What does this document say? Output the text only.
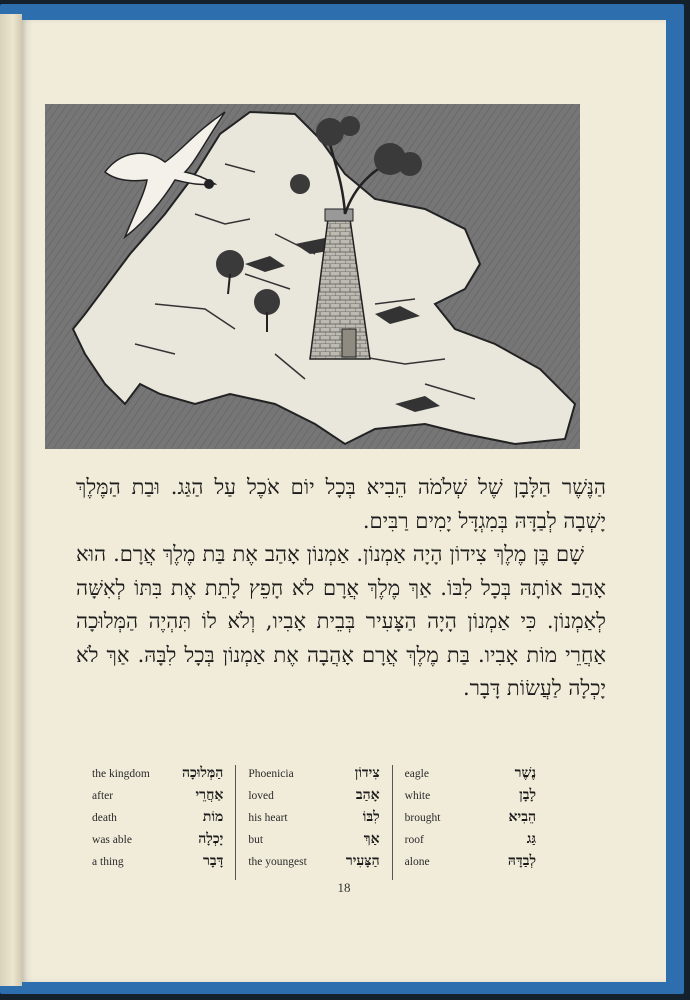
הַנֶּשֶׁר הַלָּבָן שֶׁל שְׁלֹמֹה הֵבִיא בְּכָל יוֹם אֹכֶל עַל הַגַּג. וּבַת הַמֶּלֶךְ יָשְׁבָה לְבַדָּהּ בְּמִגְדָּל יָמִים רַבִּים.

שָׁם בֶּן מֶלֶךְ צִידוֹן הָיָה אַמְנוֹן. אַמְנוֹן אָהַב אֶת בַּת מֶלֶךְ אֲרָם. הוּא אָהַב אוֹתָהּ בְּכָל לִבּוֹ. אַךְ מֶלֶךְ אֲרָם לֹא חָפֵץ לָתֵת אֶת בִּתּוֹ לְאִשָּׁה לְאַמְנוֹן. כִּי אַמְנוֹן הָיָה הַצָּעִיר בְּבֵית אָבִיו, וְלֹא לוֹ תִּהְיֶה הַמְּלוּכָה אַחֲרֵי מוֹת אָבִיו. בַּת מֶלֶךְ אֲרָם אָהֲבָה אֶת אַמְנוֹן בְּכָל לִבָּהּ. אַךְ לֹא יָכְלָה לַעֲשׂוֹת דָּבָר.

eagle	נֶשֶׁר
white	לָבָן
brought	הֵבִיא
roof	גַּג
alone	לְבַדָּהּ
Phoenicia	צִידוֹן
loved	אָהַב
his heart	לִבּוֹ
but	אַךְ
the youngest	הַצָּעִיר
the kingdom הַמְּלוּכָה
after	אַחֲרֵי
death	מוֹת
was able	יָכְלָה
a thing	דָּבָר
18
